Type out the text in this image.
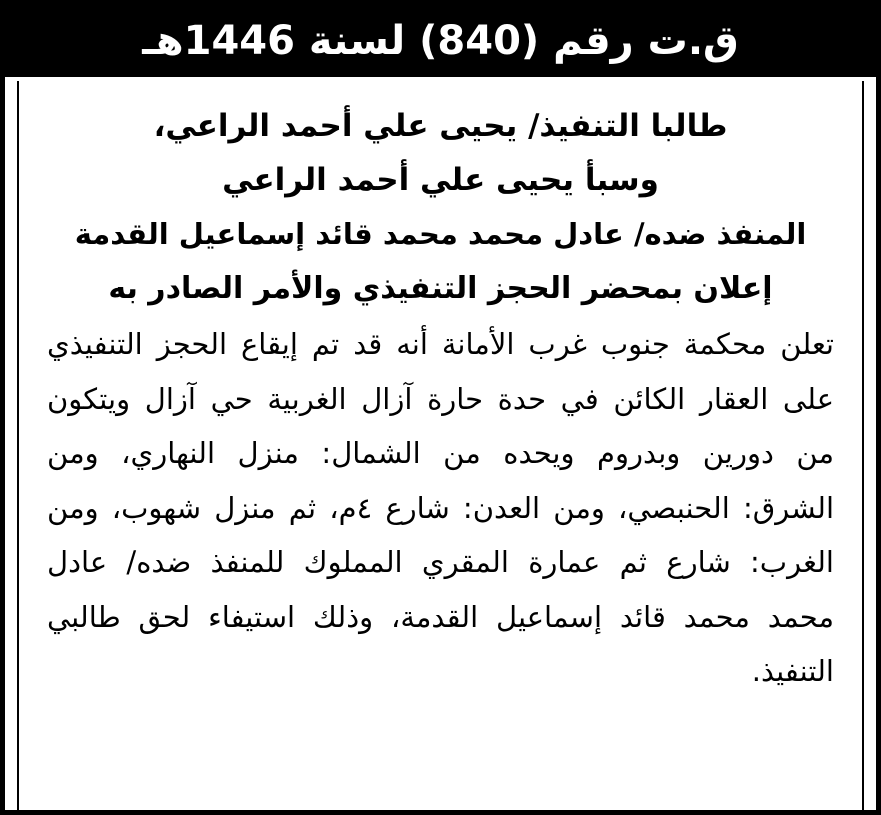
ق.ت رقم (840) لسنة 1446هـ

طالبا التنفيذ/ يحيى علي أحمد الراعي،

وسبأ يحيى علي أحمد الراعي

المنفذ ضده/ عادل محمد محمد قائد إسماعيل القدمة

إعلان بمحضر الحجز التنفيذي والأمر الصادر به

تعلن محكمة جنوب غرب الأمانة أنه قد تم إيقاع الحجز التنفيذي على العقار الكائن في حدة حارة آزال الغربية حي آزال ويتكون من دورين وبدروم ويحده من الشمال: منزل النهاري، ومن الشرق: الحنبصي، ومن العدن: شارع ٤م، ثم منزل شهوب، ومن الغرب: شارع ثم عمارة المقري المملوك للمنفذ ضده/ عادل محمد محمد قائد إسماعيل القدمة، وذلك استيفاء لحق طالبي التنفيذ.
